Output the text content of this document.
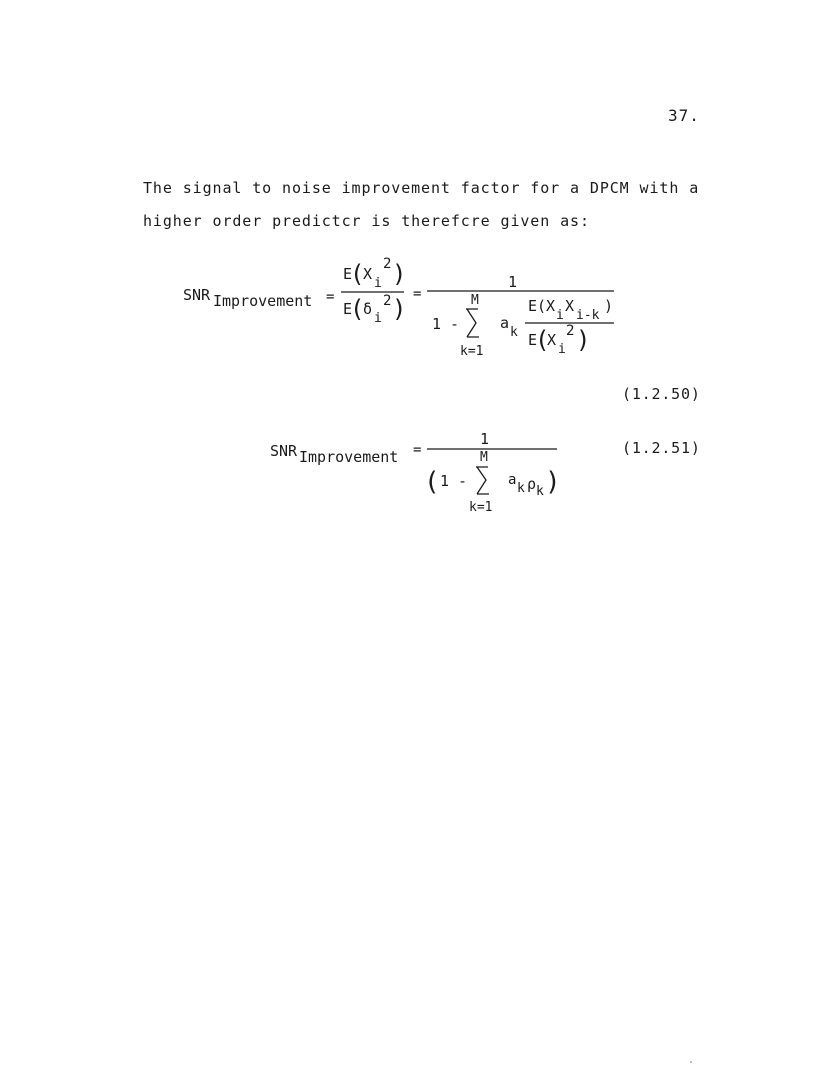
37.
The signal to noise improvement factor for a DPCM with a
higher order predictcr is therefcre given as:
(1.2.50)
(1.2.51)
SNR Improvement =
E
(
X
i
2 )
E
(
δ
i
2 )
=
1
M
k=1
1 -	a
k
E(X
i
X
i-k
)
E
(
X
i
2 )
SNR Improvement =
1
M
( 1 -
k=1
a
k ρ k )
